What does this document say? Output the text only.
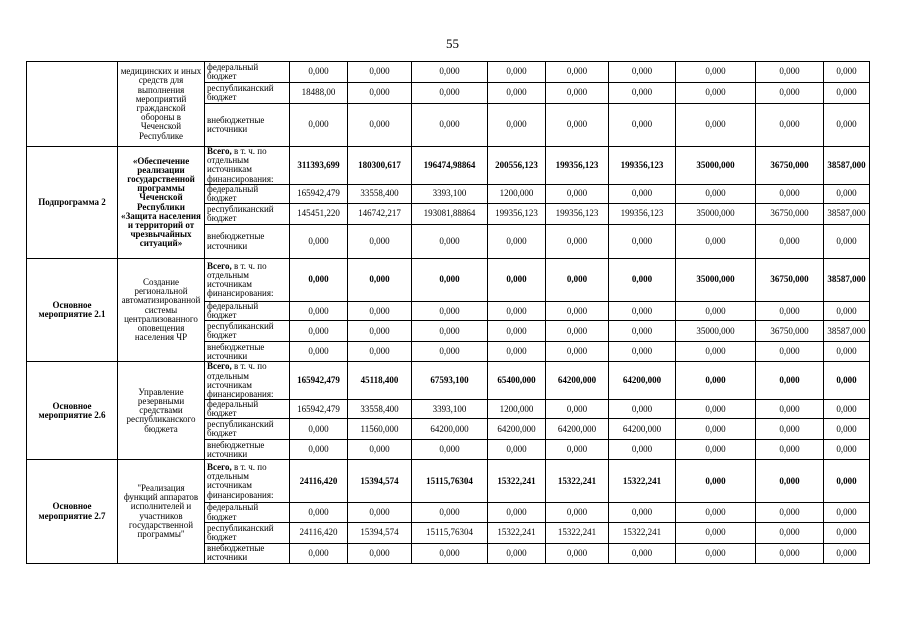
55
	медицинских и иных средств для выполнения мероприятий гражданской обороны в Чеченской Республике	федеральный бюджет	0,000	0,000	0,000	0,000	0,000	0,000	0,000	0,000	0,000
		республиканский бюджет	18488,00	0,000	0,000	0,000	0,000	0,000	0,000	0,000	0,000
		внебюджетные источники	0,000	0,000	0,000	0,000	0,000	0,000	0,000	0,000	0,000
Подпрограмма 2	«Обеспечение реализации государственной программы Чеченской Республики «Защита населения и территорий от чрезвычайных ситуаций»	Всего, в т. ч. по отдельным источникам финансирования:	311393,699	180300,617	196474,98864	200556,123	199356,123	199356,123	35000,000	36750,000	38587,000
		федеральный бюджет	165942,479	33558,400	3393,100	1200,000	0,000	0,000	0,000	0,000	0,000
		республиканский бюджет	145451,220	146742,217	193081,88864	199356,123	199356,123	199356,123	35000,000	36750,000	38587,000
		внебюджетные источники	0,000	0,000	0,000	0,000	0,000	0,000	0,000	0,000	0,000
Основное мероприятие 2.1	Создание региональной автоматизированной системы централизованного оповещения населения ЧР	Всего, в т. ч. по отдельным источникам финансирования:	0,000	0,000	0,000	0,000	0,000	0,000	35000,000	36750,000	38587,000
		федеральный бюджет	0,000	0,000	0,000	0,000	0,000	0,000	0,000	0,000	0,000
		республиканский бюджет	0,000	0,000	0,000	0,000	0,000	0,000	35000,000	36750,000	38587,000
		внебюджетные источники	0,000	0,000	0,000	0,000	0,000	0,000	0,000	0,000	0,000
Основное мероприятие 2.6	Управление резервными средствами республиканского бюджета	Всего, в т. ч. по отдельным источникам финансирования:	165942,479	45118,400	67593,100	65400,000	64200,000	64200,000	0,000	0,000	0,000
		федеральный бюджет	165942,479	33558,400	3393,100	1200,000	0,000	0,000	0,000	0,000	0,000
		республиканский бюджет	0,000	11560,000	64200,000	64200,000	64200,000	64200,000	0,000	0,000	0,000
		внебюджетные источники	0,000	0,000	0,000	0,000	0,000	0,000	0,000	0,000	0,000
Основное мероприятие 2.7	"Реализация функций аппаратов исполнителей и участников государственной программы"	Всего, в т. ч. по отдельным источникам финансирования:	24116,420	15394,574	15115,76304	15322,241	15322,241	15322,241	0,000	0,000	0,000
		федеральный бюджет	0,000	0,000	0,000	0,000	0,000	0,000	0,000	0,000	0,000
		республиканский бюджет	24116,420	15394,574	15115,76304	15322,241	15322,241	15322,241	0,000	0,000	0,000
		внебюджетные источники	0,000	0,000	0,000	0,000	0,000	0,000	0,000	0,000	0,000
